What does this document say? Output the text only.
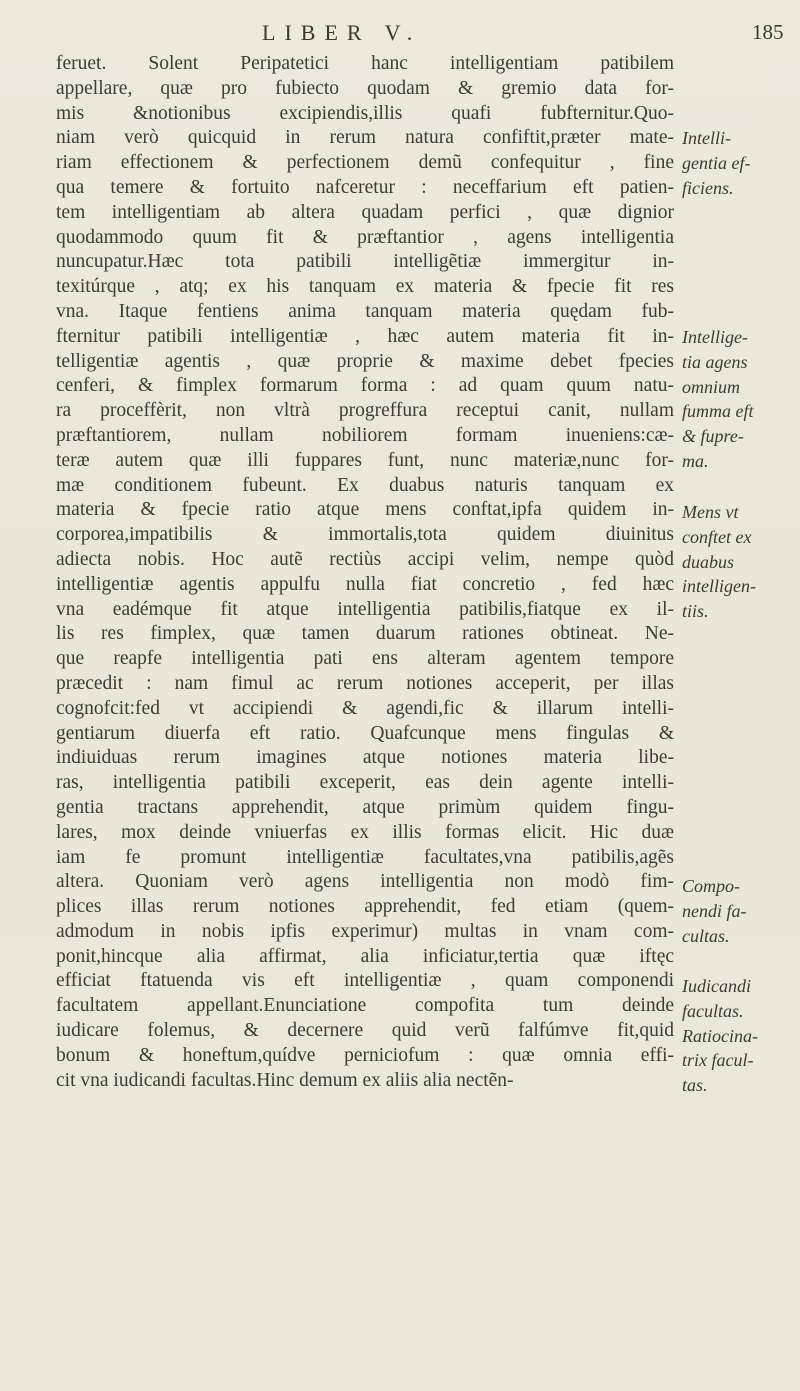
LIBER V.	185
feruet. Solent Peripatetici hanc intelligentiam patibilem
appellare, quæ pro fubiecto quodam & gremio data for-
mis &notionibus excipiendis,illis quafi fubfternitur.Quo-
niam verò quicquid in rerum natura confiftit,præter mate-
riam effectionem & perfectionem demũ confequitur , fine
qua temere & fortuito nafceretur : neceffarium eft patien-
tem intelligentiam ab altera quadam perfici , quæ dignior
quodammodo quum fit & præftantior , agens intelligentia
nuncupatur.Hæc tota patibili intelligẽtiæ immergitur in-
texitúrque , atq; ex his tanquam ex materia & fpecie fit res
vna. Itaque fentiens anima tanquam materia quędam fub-
fternitur patibili intelligentiæ , hæc autem materia fit in-
telligentiæ agentis , quæ proprie & maxime debet fpecies
cenferi, & fimplex formarum forma : ad quam quum natu-
ra proceffèrit, non vltrà progreffura receptui canit, nullam
præftantiorem, nullam nobiliorem formam inueniens:cæ-
teræ autem quæ illi fuppares funt, nunc materiæ,nunc for-
mæ conditionem fubeunt. Ex duabus naturis tanquam ex
materia & fpecie ratio atque mens conftat,ipfa quidem in-
corporea,impatibilis & immortalis,tota quidem diuinitus
adiecta nobis. Hoc autẽ rectiùs accipi velim, nempe quòd
intelligentiæ agentis appulfu nulla fiat concretio , fed hæc
vna eadémque fit atque intelligentia patibilis,fiatque ex il-
lis res fimplex, quæ tamen duarum rationes obtineat. Ne-
que reapfe intelligentia pati ens alteram agentem tempore
præcedit : nam fimul ac rerum notiones acceperit, per illas
cognofcit:fed vt accipiendi & agendi,fic & illarum intelli-
gentiarum diuerfa eft ratio. Quafcunque mens fingulas &
indiuiduas rerum imagines atque notiones materia libe-
ras, intelligentia patibili exceperit, eas dein agente intelli-
gentia tractans apprehendit, atque primùm quidem fingu-
lares, mox deinde vniuerfas ex illis formas elicit. Hic duæ
iam fe promunt intelligentiæ facultates,vna patibilis,agẽs
altera. Quoniam verò agens intelligentia non modò fim-
plices illas rerum notiones apprehendit, fed etiam (quem-
admodum in nobis ipfis experimur) multas in vnam com-
ponit,hincque alia affirmat, alia inficiatur,tertia quæ iftęc
efficiat ftatuenda vis eft intelligentiæ , quam componendi
facultatem appellant.Enunciatione compofita tum deinde
iudicare folemus, & decernere quid verũ falfúmve fit,quid
bonum & honeftum,quídve perniciofum : quæ omnia effi-
cit vna iudicandi facultas.Hinc demum ex aliis alia nectẽn-
Intelli-
gentia ef-
ficiens.
Intellige-
tia agens
omnium
fumma eft
& fupre-
ma.
Mens vt
conftet ex
duabus
intelligen-
tiis.
Compo-
nendi fa-
cultas.
Iudicandi
facultas.
Ratiocina-
trix facul-
tas.
